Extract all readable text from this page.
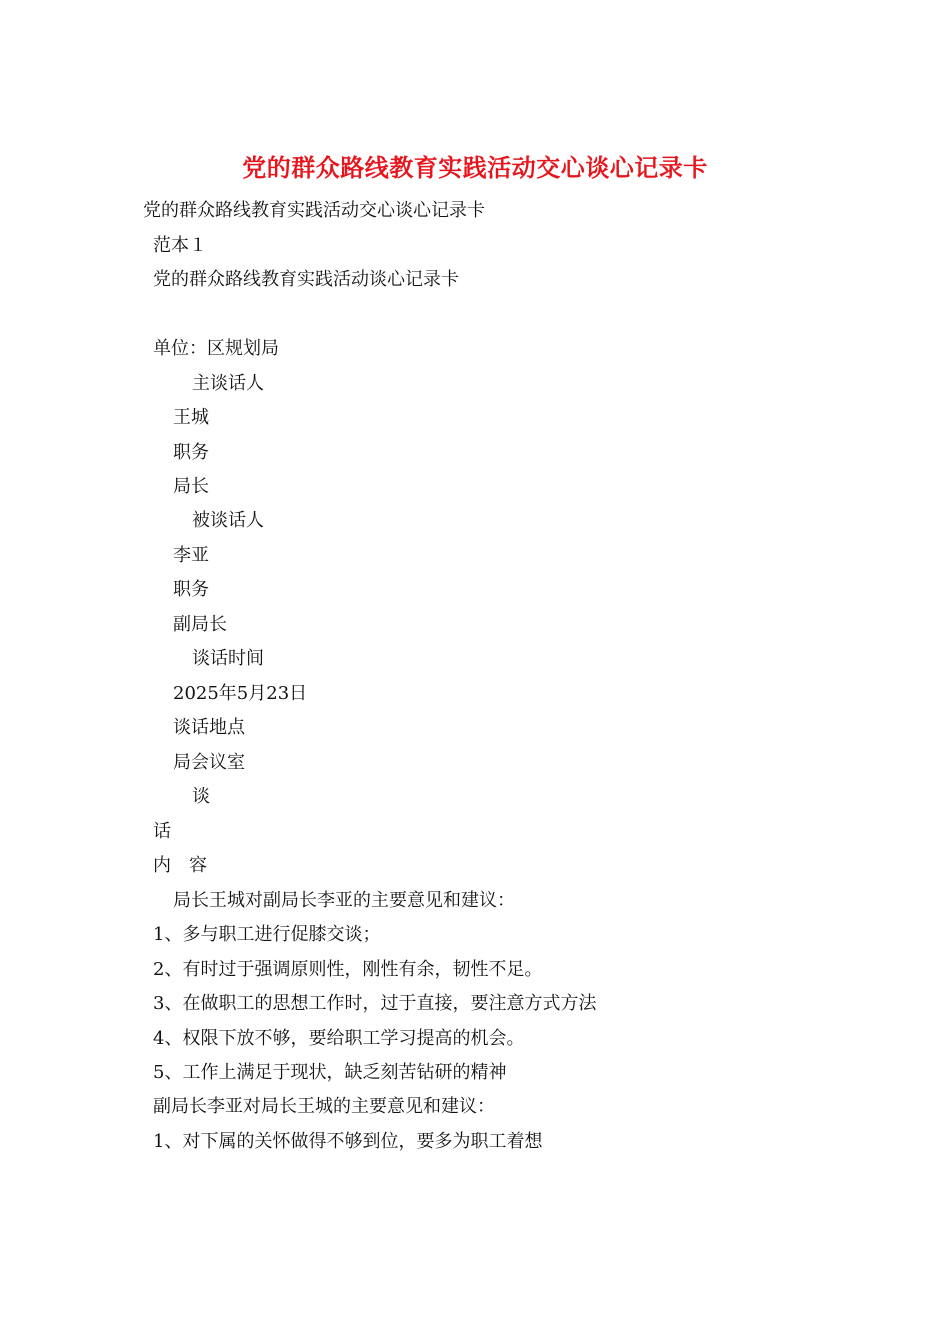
党的群众路线教育实践活动交心谈心记录卡
党的群众路线教育实践活动交心谈心记录卡
范本１
党的群众路线教育实践活动谈心记录卡
单位：区规划局
主谈话人
王城
职务
局长
被谈话人
李亚
职务
副局长
谈话时间
2025年5月23日
谈话地点
局会议室
谈
话
内　容
局长王城对副局长李亚的主要意见和建议：
1、多与职工进行促膝交谈；
2、有时过于强调原则性，刚性有余，韧性不足。
3、在做职工的思想工作时，过于直接，要注意方式方法
4、权限下放不够，要给职工学习提高的机会。
5、工作上满足于现状，缺乏刻苦钻研的精神
副局长李亚对局长王城的主要意见和建议：
1、对下属的关怀做得不够到位，要多为职工着想
